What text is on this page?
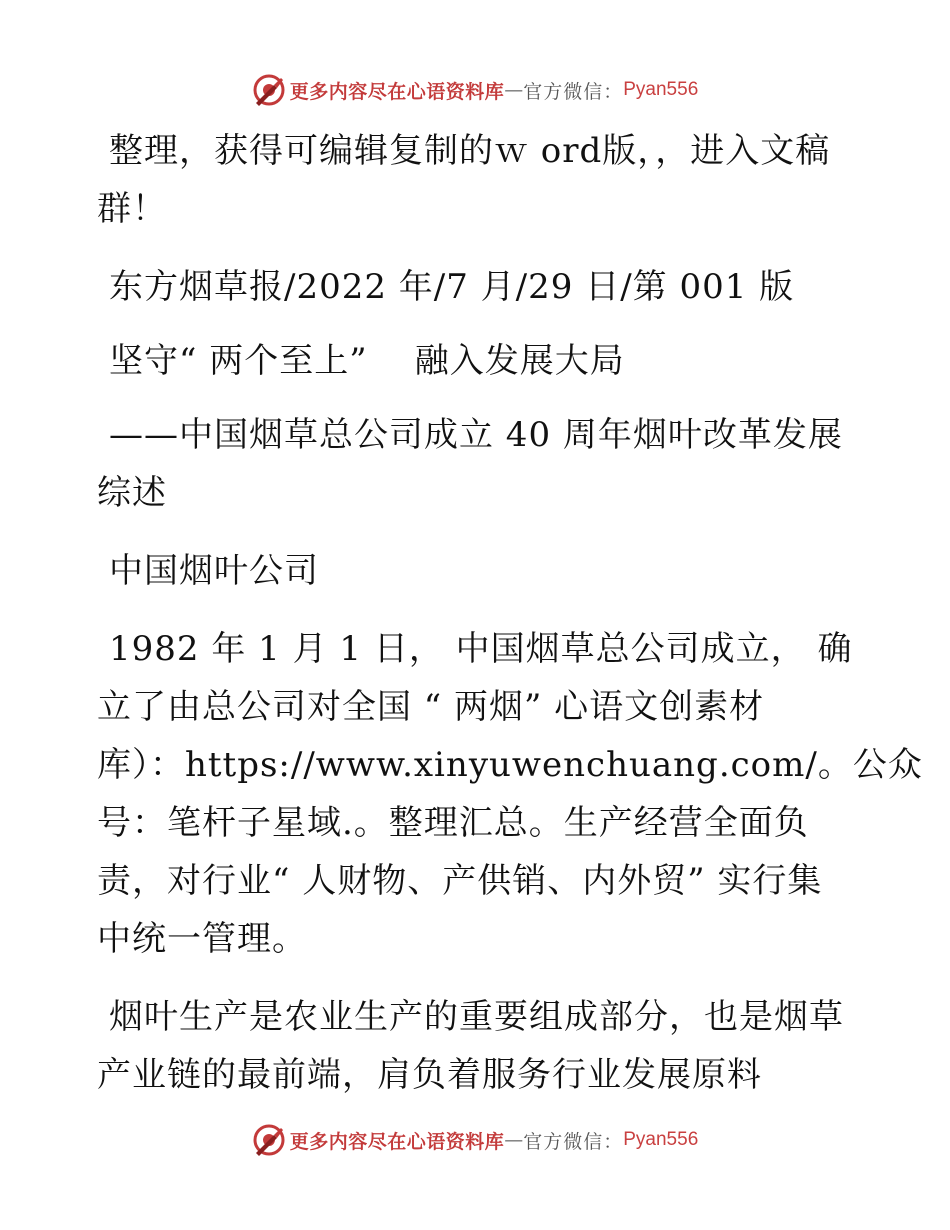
更多内容尽在心语资料库 — 官方微信： Pyan556

整理，获得可编辑复制的ｗ ord版，，进入文稿
群！

东方烟草报/2022 年/7 月/29 日/第 001 版

坚守“ 两个至上”    融入发展大局

——中国烟草总公司成立 40 周年烟叶改革发展
综述

中国烟叶公司

1982 年 1 月 1 日， 中国烟草总公司成立， 确
立了由总公司对全国 “ 两烟” 心语文创素材
库）：https://www.xinyuwenchuang.com/。公众
号：笔杆子星域.。整理汇总。生产经营全面负
责，对行业“ 人财物、产供销、内外贸” 实行集
中统一管理。

烟叶生产是农业生产的重要组成部分，也是烟草
产业链的最前端，肩负着服务行业发展原料

更多内容尽在心语资料库 — 官方微信： Pyan556
